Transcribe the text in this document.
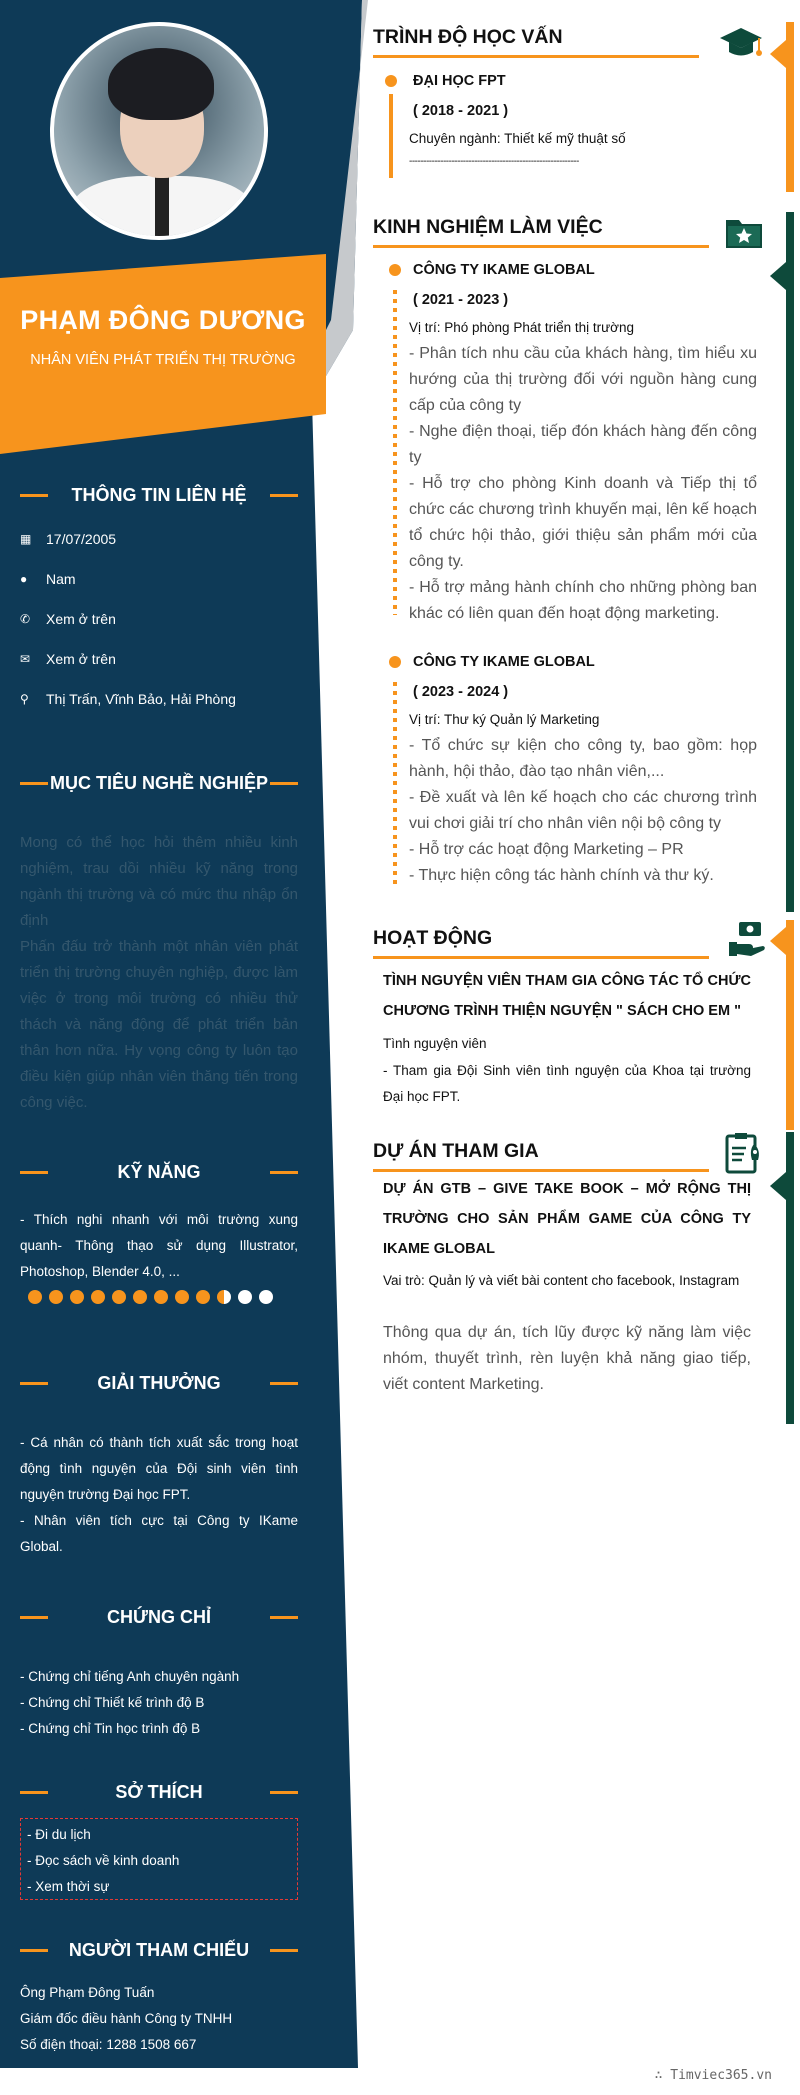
PHẠM ĐÔNG DƯƠNG
NHÂN VIÊN PHÁT TRIỂN THỊ TRƯỜNG
THÔNG TIN LIÊN HỆ
▦	17/07/2005
●	Nam
✆	Xem ở trên
✉	Xem ở trên
⚲	Thị Trấn, Vĩnh Bảo, Hải Phòng
MỤC TIÊU NGHỀ NGHIỆP
Mong có thể học hỏi thêm nhiều kinh nghiệm, trau dồi nhiều kỹ năng trong ngành thị trường và có mức thu nhập ổn định
Phấn đấu trở thành một nhân viên phát triển thị trường chuyên nghiệp, được làm việc ở trong môi trường có nhiều thử thách và năng động để phát triển bản thân hơn nữa. Hy vọng công ty luôn tạo điều kiện giúp nhân viên thăng tiến trong công việc.
KỸ NĂNG
- Thích nghi nhanh với môi trường xung quanh- Thông thạo sử dụng Illustrator, Photoshop, Blender 4.0, ...
GIẢI THƯỞNG
- Cá nhân có thành tích xuất sắc trong hoạt động tình nguyện của Đội sinh viên tình nguyện trường Đại học FPT.
- Nhân viên tích cực tại Công ty IKame Global.
CHỨNG CHỈ
- Chứng chỉ tiếng Anh chuyên ngành
- Chứng chỉ Thiết kế trình độ B
- Chứng chỉ Tin học trình độ B
SỞ THÍCH
- Đi du lịch
- Đọc sách về kinh doanh
- Xem thời sự
NGƯỜI THAM CHIẾU
Ông Phạm Đông Tuấn
Giám đốc điều hành Công ty TNHH
Số điện thoại: 1288 1508 667
TRÌNH ĐỘ HỌC VẤN
ĐẠI HỌC FPT
( 2018 - 2021 )
Chuyên ngành: Thiết kế mỹ thuật số
------------------------------------------------------------
KINH NGHIỆM LÀM VIỆC
CÔNG TY IKAME GLOBAL
( 2021 - 2023 )
Vị trí: Phó phòng Phát triển thị trường
- Phân tích nhu cầu của khách hàng, tìm hiểu xu hướng của thị trường đối với nguồn hàng cung cấp của công ty
- Nghe điện thoại, tiếp đón khách hàng đến công ty
- Hỗ trợ cho phòng Kinh doanh và Tiếp thị tổ chức các chương trình khuyến mại, lên kế hoạch tổ chức hội thảo, giới thiệu sản phẩm mới của công ty.
- Hỗ trợ mảng hành chính cho những phòng ban khác có liên quan đến hoạt động marketing.
CÔNG TY IKAME GLOBAL
( 2023 - 2024 )
Vị trí: Thư ký Quản lý Marketing
- Tổ chức sự kiện cho công ty, bao gồm: họp hành, hội thảo, đào tạo nhân viên,...
- Đề xuất và lên kế hoạch cho các chương trình vui chơi giải trí cho nhân viên nội bộ công ty
- Hỗ trợ các hoạt động Marketing – PR
- Thực hiện công tác hành chính và thư ký.
HOẠT ĐỘNG
TÌNH NGUYỆN VIÊN THAM GIA CÔNG TÁC TỔ CHỨC CHƯƠNG TRÌNH THIỆN NGUYỆN " SÁCH CHO EM "
Tình nguyện viên
- Tham gia Đội Sinh viên tình nguyện của Khoa tại trường Đại học FPT.
DỰ ÁN THAM GIA
DỰ ÁN GTB – GIVE TAKE BOOK – MỞ RỘNG THỊ TRƯỜNG CHO SẢN PHẨM GAME CỦA CÔNG TY IKAME GLOBAL
Vai trò: Quản lý và viết bài content cho facebook, Instagram
Thông qua dự án, tích lũy được kỹ năng làm việc nhóm, thuyết trình, rèn luyện khả năng giao tiếp, viết content Marketing.
∴ Timviec365.vn
